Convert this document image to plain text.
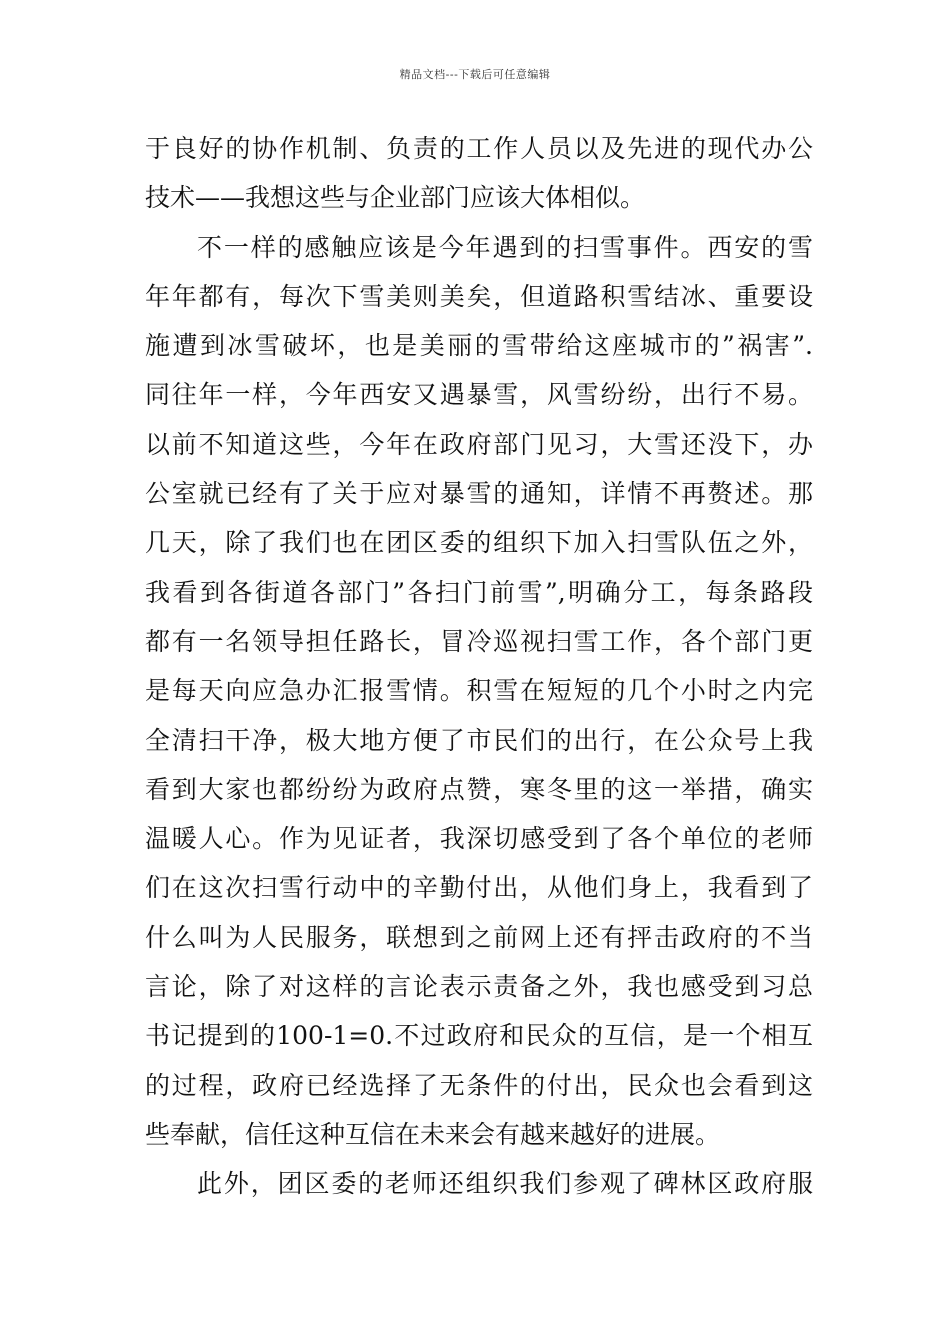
精品文档---下载后可任意编辑
于良好的协作机制、负责的工作人员以及先进的现代办公
技术——我想这些与企业部门应该大体相似。
不一样的感触应该是今年遇到的扫雪事件。西安的雪
年年都有，每次下雪美则美矣，但道路积雪结冰、重要设
施遭到冰雪破坏，也是美丽的雪带给这座城市的”祸害”.
同往年一样，今年西安又遇暴雪，风雪纷纷，出行不易。
以前不知道这些，今年在政府部门见习，大雪还没下，办
公室就已经有了关于应对暴雪的通知，详情不再赘述。那
几天，除了我们也在团区委的组织下加入扫雪队伍之外，
我看到各街道各部门”各扫门前雪”,明确分工，每条路段
都有一名领导担任路长，冒冷巡视扫雪工作，各个部门更
是每天向应急办汇报雪情。积雪在短短的几个小时之内完
全清扫干净，极大地方便了市民们的出行，在公众号上我
看到大家也都纷纷为政府点赞，寒冬里的这一举措，确实
温暖人心。作为见证者，我深切感受到了各个单位的老师
们在这次扫雪行动中的辛勤付出，从他们身上，我看到了
什么叫为人民服务，联想到之前网上还有抨击政府的不当
言论，除了对这样的言论表示责备之外，我也感受到习总
书记提到的100-1=0.不过政府和民众的互信，是一个相互
的过程，政府已经选择了无条件的付出，民众也会看到这
些奉献，信任这种互信在未来会有越来越好的进展。
此外，团区委的老师还组织我们参观了碑林区政府服
